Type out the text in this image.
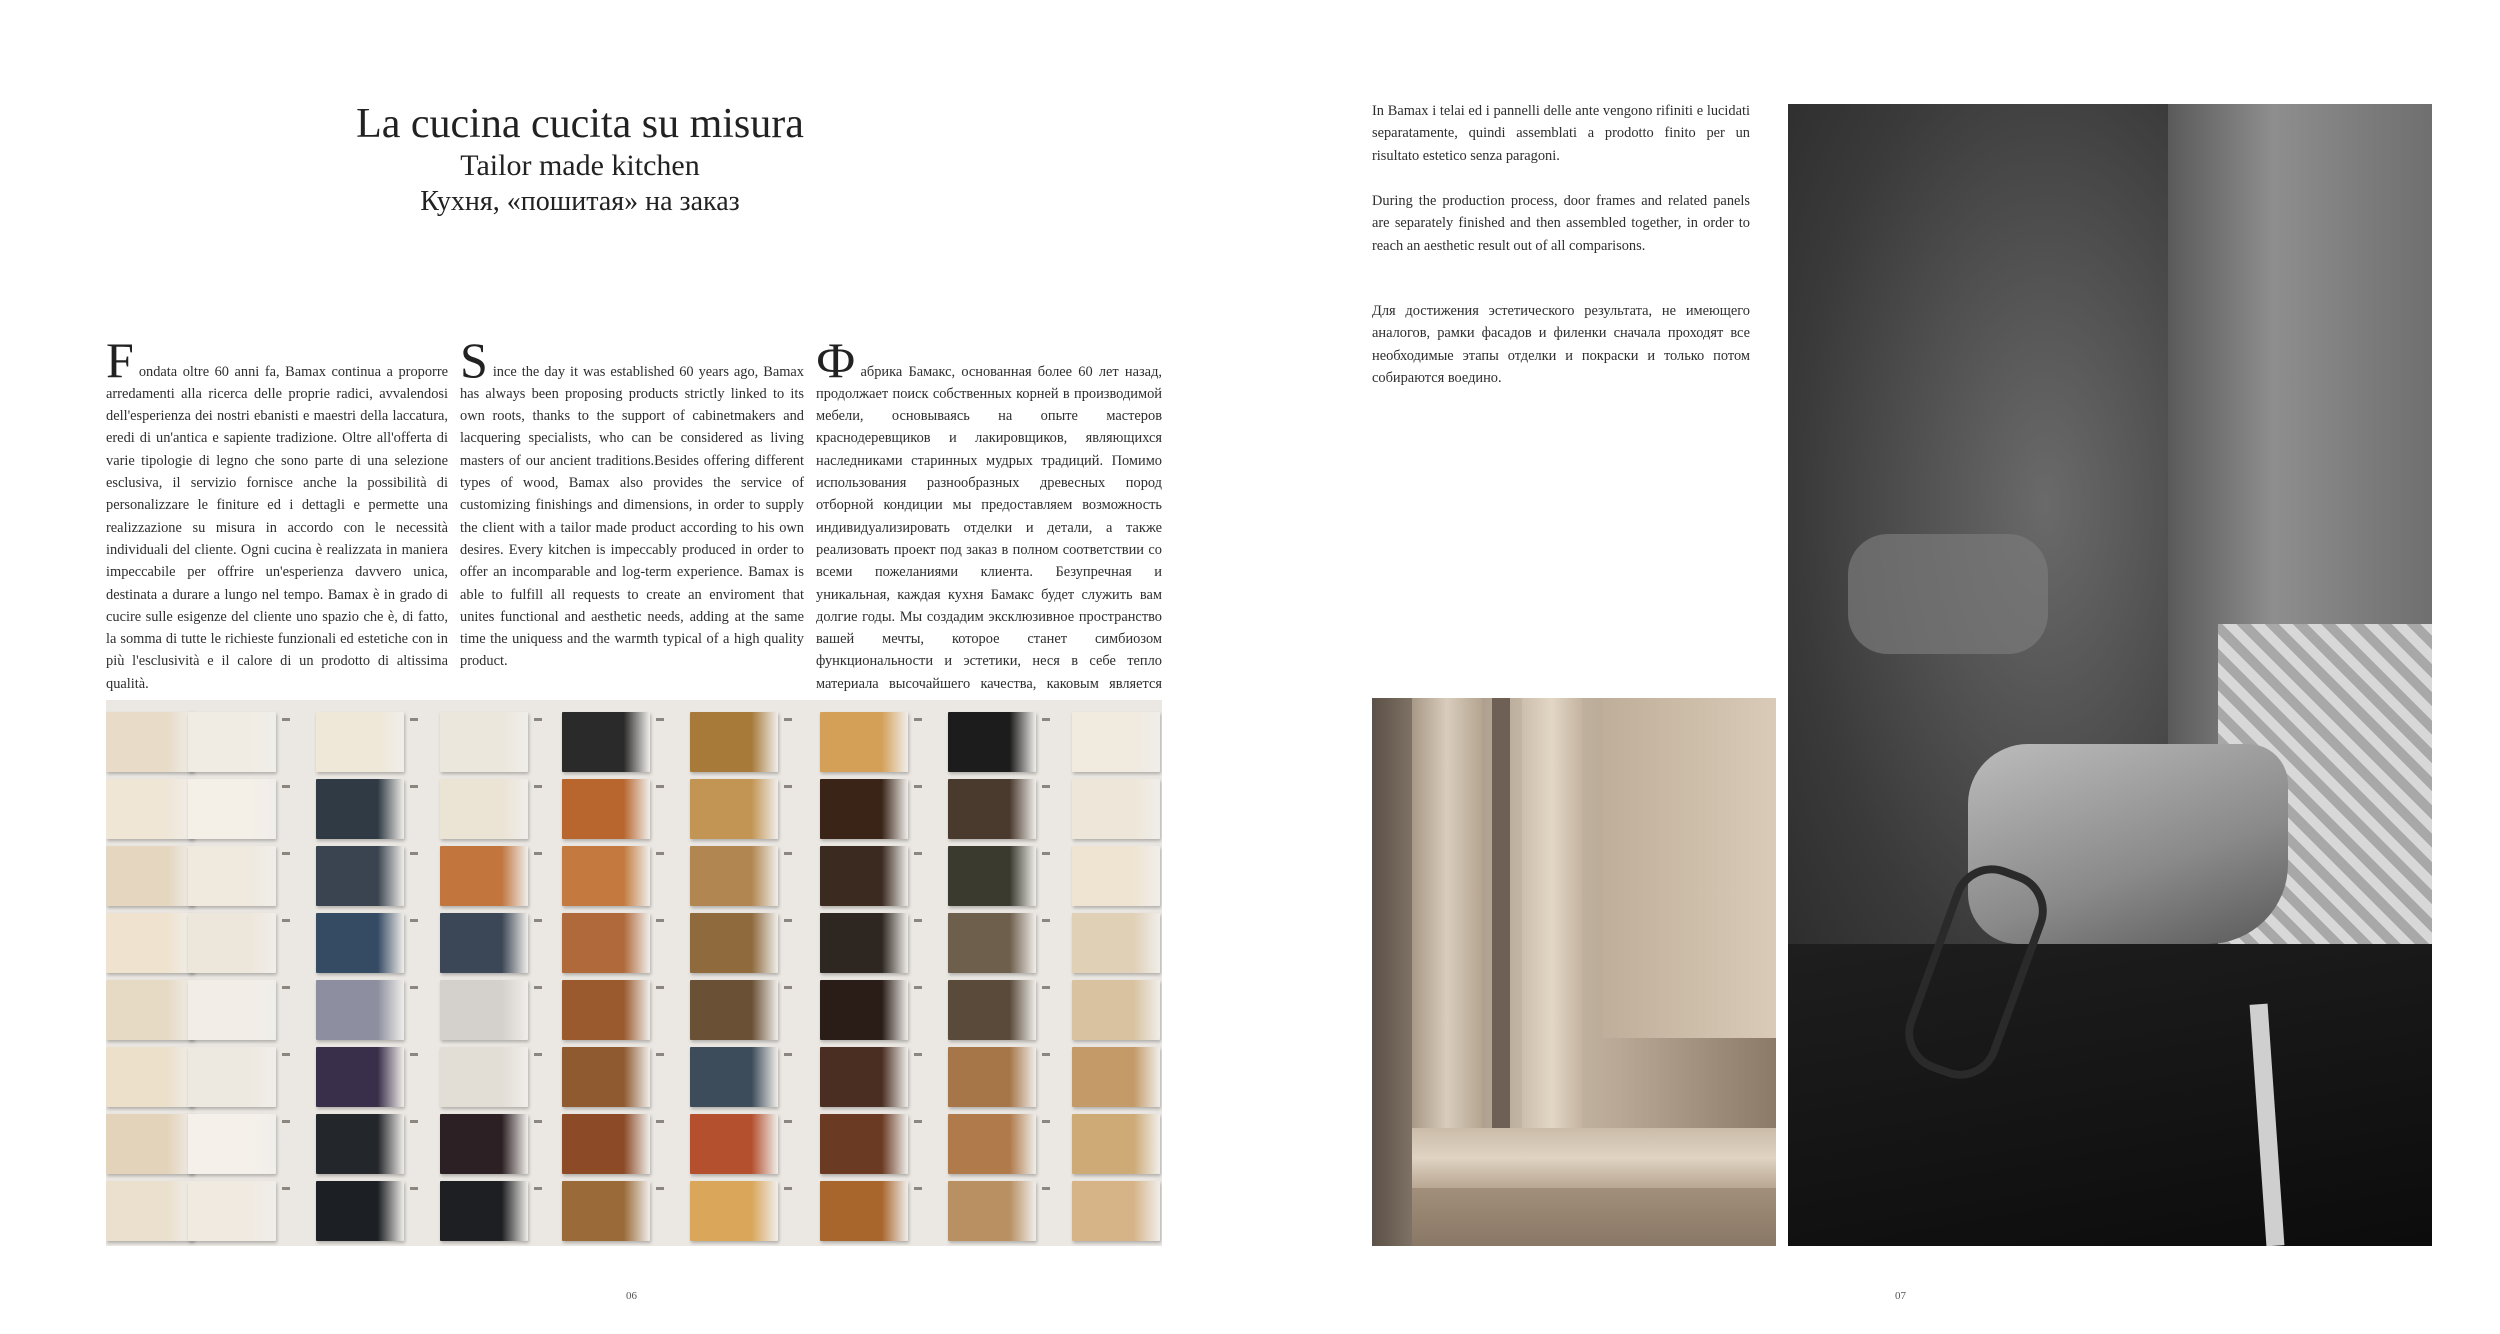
La cucina cucita su misura
Tailor made kitchen
Кухня, «пошитая» на заказ

F ondata oltre 60 anni fa, Bamax continua a proporre arredamenti alla ricerca delle proprie radici, avvalendosi dell'esperienza dei nostri ebanisti e maestri della laccatura, eredi di un'antica e sapiente tradizione. Oltre all'offerta di varie tipologie di legno che sono parte di una selezione esclusiva, il servizio fornisce anche la possibilità di personalizzare le finiture ed i dettagli e permette una realizzazione su misura in accordo con le necessità individuali del cliente. Ogni cucina è realizzata in maniera impeccabile per offrire un'esperienza davvero unica, destinata a durare a lungo nel tempo. Bamax è in grado di cucire sulle esigenze del cliente uno spazio che è, di fatto, la somma di tutte le richieste funzionali ed estetiche con in più l'esclusività e il calore di un prodotto di altissima qualità.

S ince the day it was established 60 years ago, Bamax has always been proposing products strictly linked to its own roots, thanks to the support of cabinetmakers and lacquering specialists, who can be considered as living masters of our ancient traditions.Besides offering different types of wood, Bamax also provides the service of customizing finishings and dimensions, in order to supply the client with a tailor made product according to his own desires. Every kitchen is impeccably produced in order to offer an incomparable and log-term experience. Bamax is able to fulfill all requests to create an enviroment that unites functional and aesthetic needs, adding at the same time the uniquess and the warmth typical of a high quality product.

Ф абрика Бамакс, основанная более 60 лет назад, продолжает поиск собственных корней в производимой мебели, основываясь на опыте мастеров краснодеревщиков и лакировщиков, являющихся наследниками старинных мудрых традиций. Помимо использования разнообразных древесных пород отборной кондиции мы предоставляем возможность индивидуализировать отделки и детали, а также реализовать проект под заказ в полном соответствии со всеми пожеланиями клиента. Безупречная и уникальная, каждая кухня Бамакс будет служить вам долгие годы. Мы создадим эксклюзивное пространство вашей мечты, которое станет симбиозом функциональности и эстетики, неся в себе тепло материала высочайшего качества, каковым является

06
In Bamax i telai ed i pannelli delle ante vengono rifiniti e lucidati separatamente, quindi assemblati a prodotto finito per un risultato estetico senza paragoni.
During the production process, door frames and related panels are separately finished and then assembled together, in order to reach an aesthetic result out of all comparisons.
Для достижения эстетического результата, не имеющего аналогов, рамки фасадов и филенки сначала проходят все необходимые этапы отделки и покраски и только потом собираются воедино.
07
